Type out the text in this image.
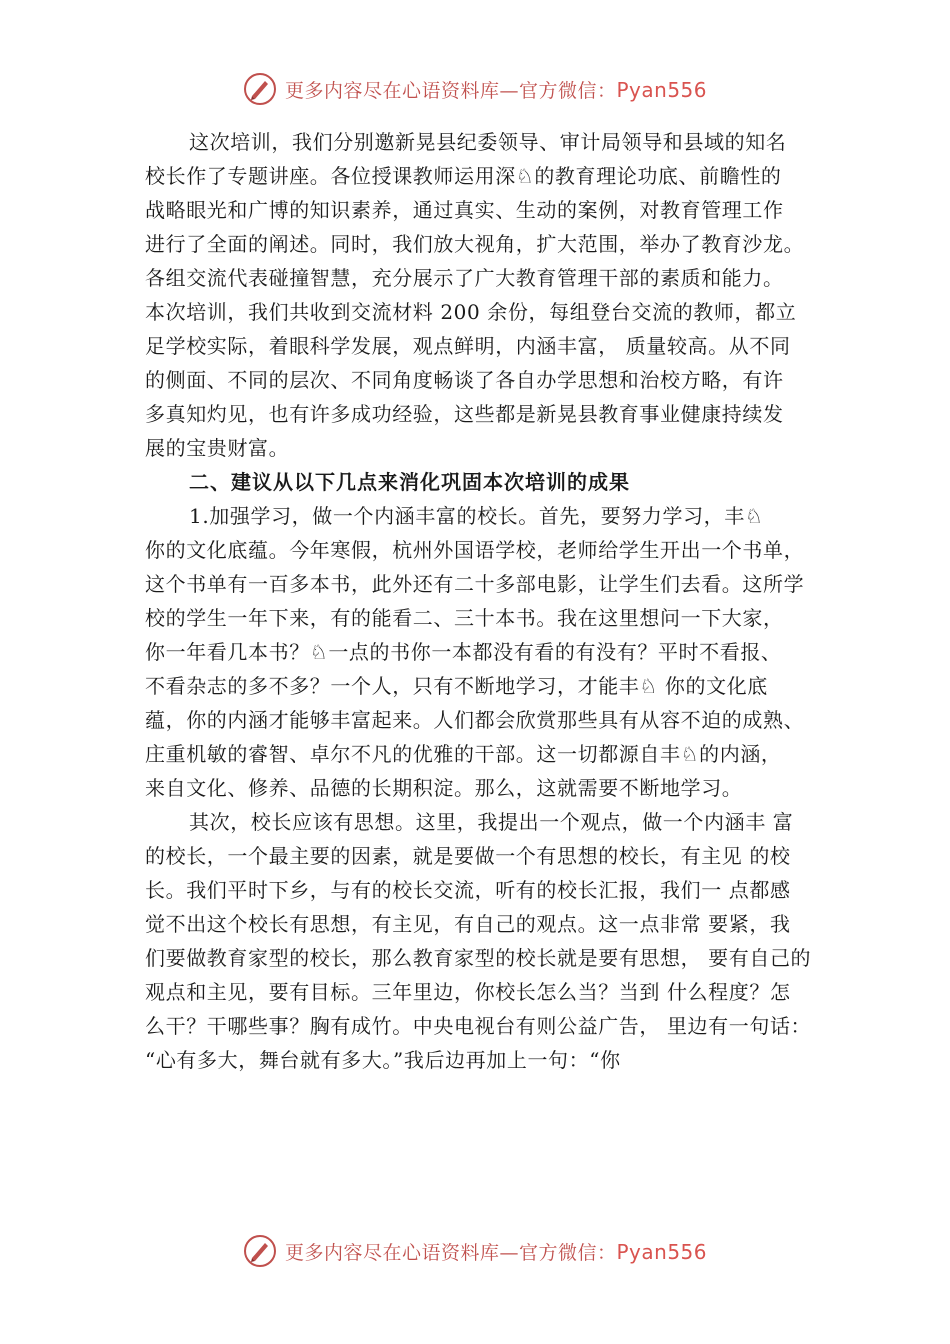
更多内容尽在心语资料库—官方微信：Pyan556
这次培训，我们分别邀新晃县纪委领导、审计局领导和县域的知名
校长作了专题讲座。各位授课教师运用深♘的教育理论功底、前瞻性的
战略眼光和广博的知识素养，通过真实、生动的案例，对教育管理工作
进行了全面的阐述。同时，我们放大视角，扩大范围，举办了教育沙龙。
各组交流代表碰撞智慧，充分展示了广大教育管理干部的素质和能力。
本次培训，我们共收到交流材料 200 余份，每组登台交流的教师，都立
足学校实际，着眼科学发展，观点鲜明，内涵丰富， 质量较高。从不同
的侧面、不同的层次、不同角度畅谈了各自办学思想和治校方略，有许
多真知灼见，也有许多成功经验，这些都是新晃县教育事业健康持续发
展的宝贵财富。
二、建议从以下几点来消化巩固本次培训的成果
1.加强学习，做一个内涵丰富的校长。首先，要努力学习，丰♘
你的文化底蕴。今年寒假，杭州外国语学校，老师给学生开出一个书单，
这个书单有一百多本书，此外还有二十多部电影，让学生们去看。这所学
校的学生一年下来，有的能看二、三十本书。我在这里想问一下大家，
你一年看几本书？♘一点的书你一本都没有看的有没有？平时不看报、
不看杂志的多不多？一个人，只有不断地学习，才能丰♘ 你的文化底
蕴，你的内涵才能够丰富起来。人们都会欣赏那些具有从容不迫的成熟、
庄重机敏的睿智、卓尔不凡的优雅的干部。这一切都源自丰♘的内涵，
来自文化、修养、品德的长期积淀。那么，这就需要不断地学习。
其次，校长应该有思想。这里，我提出一个观点，做一个内涵丰 富
的校长，一个最主要的因素，就是要做一个有思想的校长，有主见 的校
长。我们平时下乡，与有的校长交流，听有的校长汇报，我们一 点都感
觉不出这个校长有思想，有主见，有自己的观点。这一点非常 要紧，我
们要做教育家型的校长，那么教育家型的校长就是要有思想， 要有自己的
观点和主见，要有目标。三年里边，你校长怎么当？当到 什么程度？怎
么干？干哪些事？胸有成竹。中央电视台有则公益广告， 里边有一句话：
“心有多大，舞台就有多大。”我后边再加上一句：“你
更多内容尽在心语资料库—官方微信：Pyan556
